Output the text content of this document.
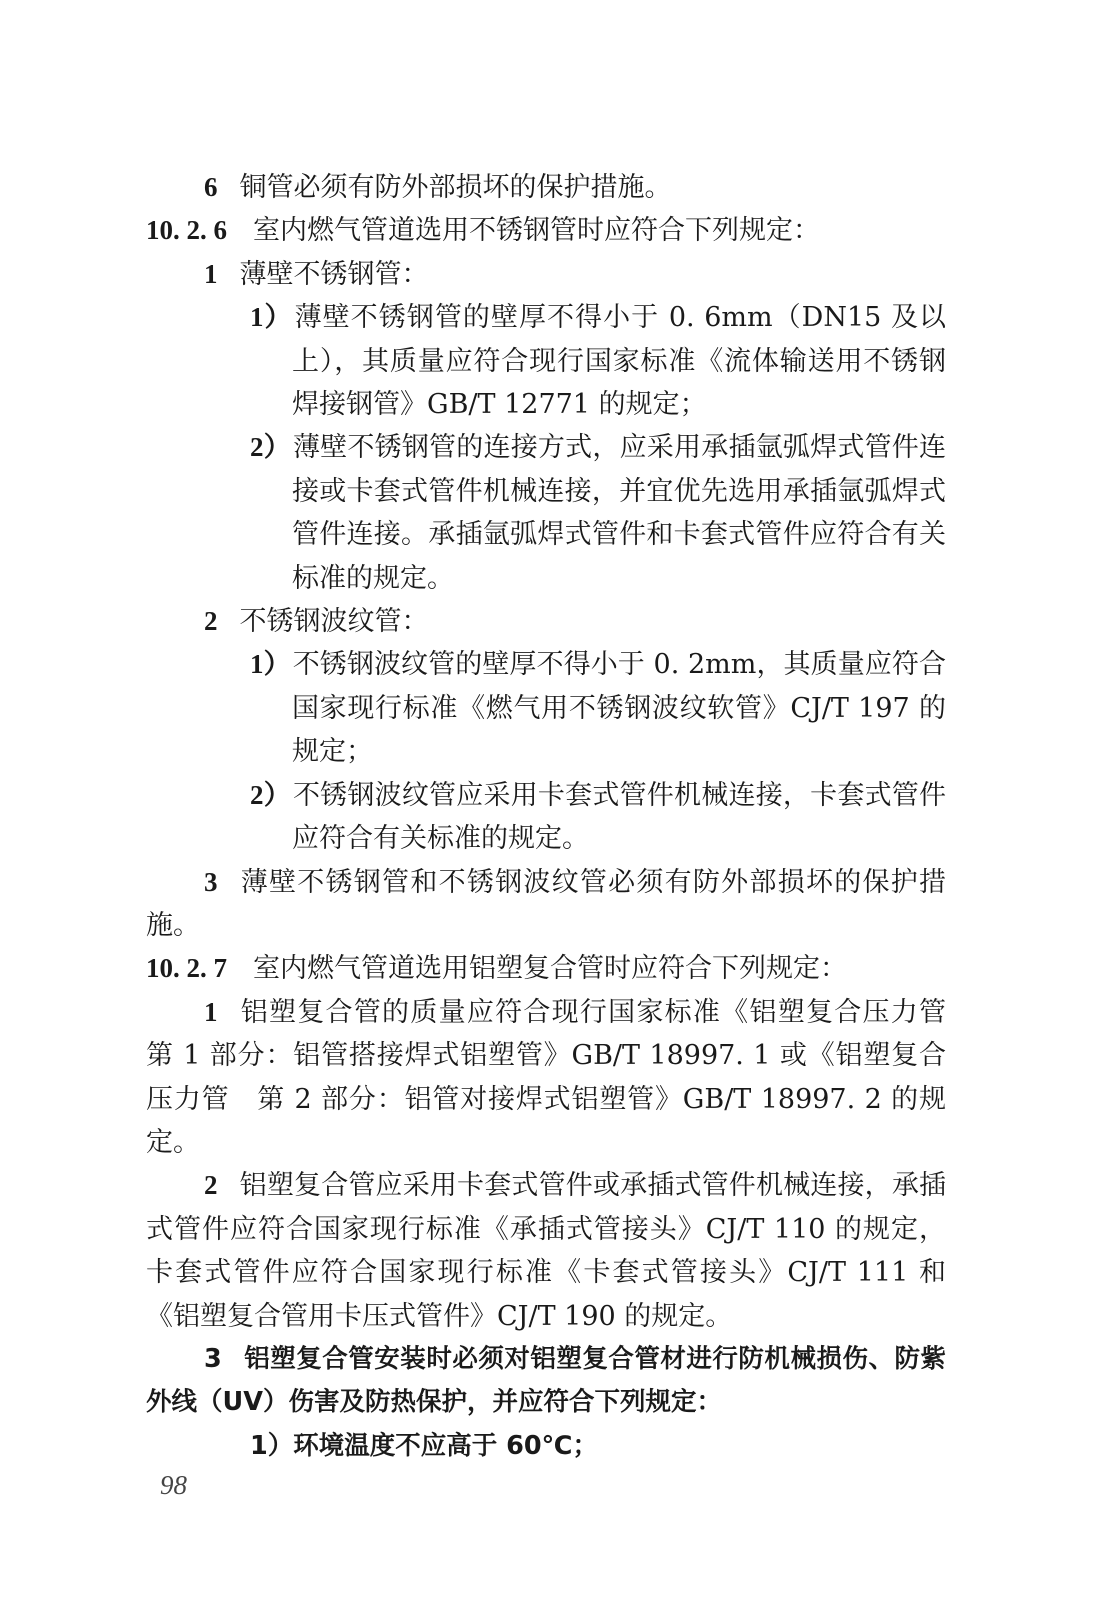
6 铜管必须有防外部损坏的保护措施。

10. 2. 6 室内燃气管道选用不锈钢管时应符合下列规定：

1 薄壁不锈钢管：

1）薄壁不锈钢管的壁厚不得小于 0. 6mm（DN15 及以上），其质量应符合现行国家标准《流体输送用不锈钢焊接钢管》GB/T 12771 的规定；

2）薄壁不锈钢管的连接方式，应采用承插氩弧焊式管件连接或卡套式管件机械连接，并宜优先选用承插氩弧焊式管件连接。承插氩弧焊式管件和卡套式管件应符合有关标准的规定。

2 不锈钢波纹管：

1）不锈钢波纹管的壁厚不得小于 0. 2mm，其质量应符合国家现行标准《燃气用不锈钢波纹软管》CJ/T 197 的规定；

2）不锈钢波纹管应采用卡套式管件机械连接，卡套式管件应符合有关标准的规定。

3 薄壁不锈钢管和不锈钢波纹管必须有防外部损坏的保护措施。

10. 2. 7 室内燃气管道选用铝塑复合管时应符合下列规定：

1 铝塑复合管的质量应符合现行国家标准《铝塑复合压力管　第 1 部分：铝管搭接焊式铝塑管》GB/T 18997. 1 或《铝塑复合压力管　第 2 部分：铝管对接焊式铝塑管》GB/T 18997. 2 的规定。

2 铝塑复合管应采用卡套式管件或承插式管件机械连接，承插式管件应符合国家现行标准《承插式管接头》CJ/T 110 的规定，卡套式管件应符合国家现行标准《卡套式管接头》CJ/T 111 和《铝塑复合管用卡压式管件》CJ/T 190 的规定。

3 铝塑复合管安装时必须对铝塑复合管材进行防机械损伤、防紫外线（UV）伤害及防热保护，并应符合下列规定：

1）环境温度不应高于 60℃；

98
